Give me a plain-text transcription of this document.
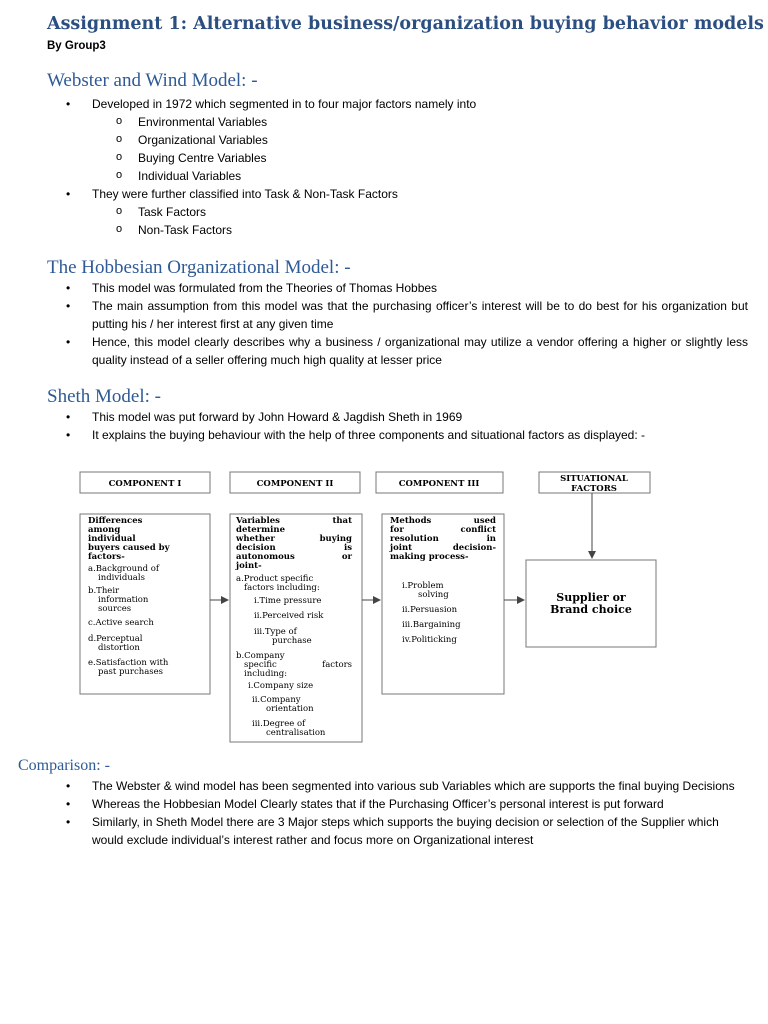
Assignment 1: Alternative business/organization buying behavior models

By Group3

Webster and Wind Model: -
• Developed in 1972 which segmented in to four major factors namely into
o Environmental Variables
o Organizational Variables
o Buying Centre Variables
o Individual Variables
• They were further classified into Task & Non-Task Factors
o Task Factors
o Non-Task Factors
The Hobbesian Organizational Model: -
• This model was formulated from the Theories of Thomas Hobbes
• The main assumption from this model was that the purchasing officer’s interest will be to do best for his organization but putting his / her interest first at any given time
• Hence, this model clearly describes why a business / organizational may utilize a vendor offering a higher or slightly less quality instead of a seller offering much high quality at lesser price
Sheth Model: -
• This model was put forward by John Howard & Jagdish Sheth in 1969
• It explains the buying behaviour with the help of three components and situational factors as displayed: -
COMPONENT I	COMPONENT II	COMPONENT III	SITUATIONAL
FACTORS
Differences
among
individual
buyers caused by
factors-
a.Background of
individuals
b.Their
information
sources
c.Active search
d.Perceptual
distortion
e.Satisfaction with
past purchases
Variables	that
determine
whether	buying
decision	is
autonomous	or
joint-
a.Product specific
factors including:
i.Time pressure
ii.Perceived risk
iii.Type of
purchase
b.Company
specific	factors
including:
i.Company size
ii.Company
orientation
iii.Degree of
centralisation
Methods	used
for	conflict
resolution	in
joint	decision-
making process-
i.Problem
solving
ii.Persuasion
iii.Bargaining
iv.Politicking
Supplier or
Brand choice
Comparison: -
• The Webster & wind model has been segmented into various sub Variables which are supports the final buying Decisions
• Whereas the Hobbesian Model Clearly states that if the Purchasing Officer’s personal interest is put forward
• Similarly, in Sheth Model there are 3 Major steps which supports the buying decision or selection of the Supplier which would exclude individual’s interest rather and focus more on Organizational interest
